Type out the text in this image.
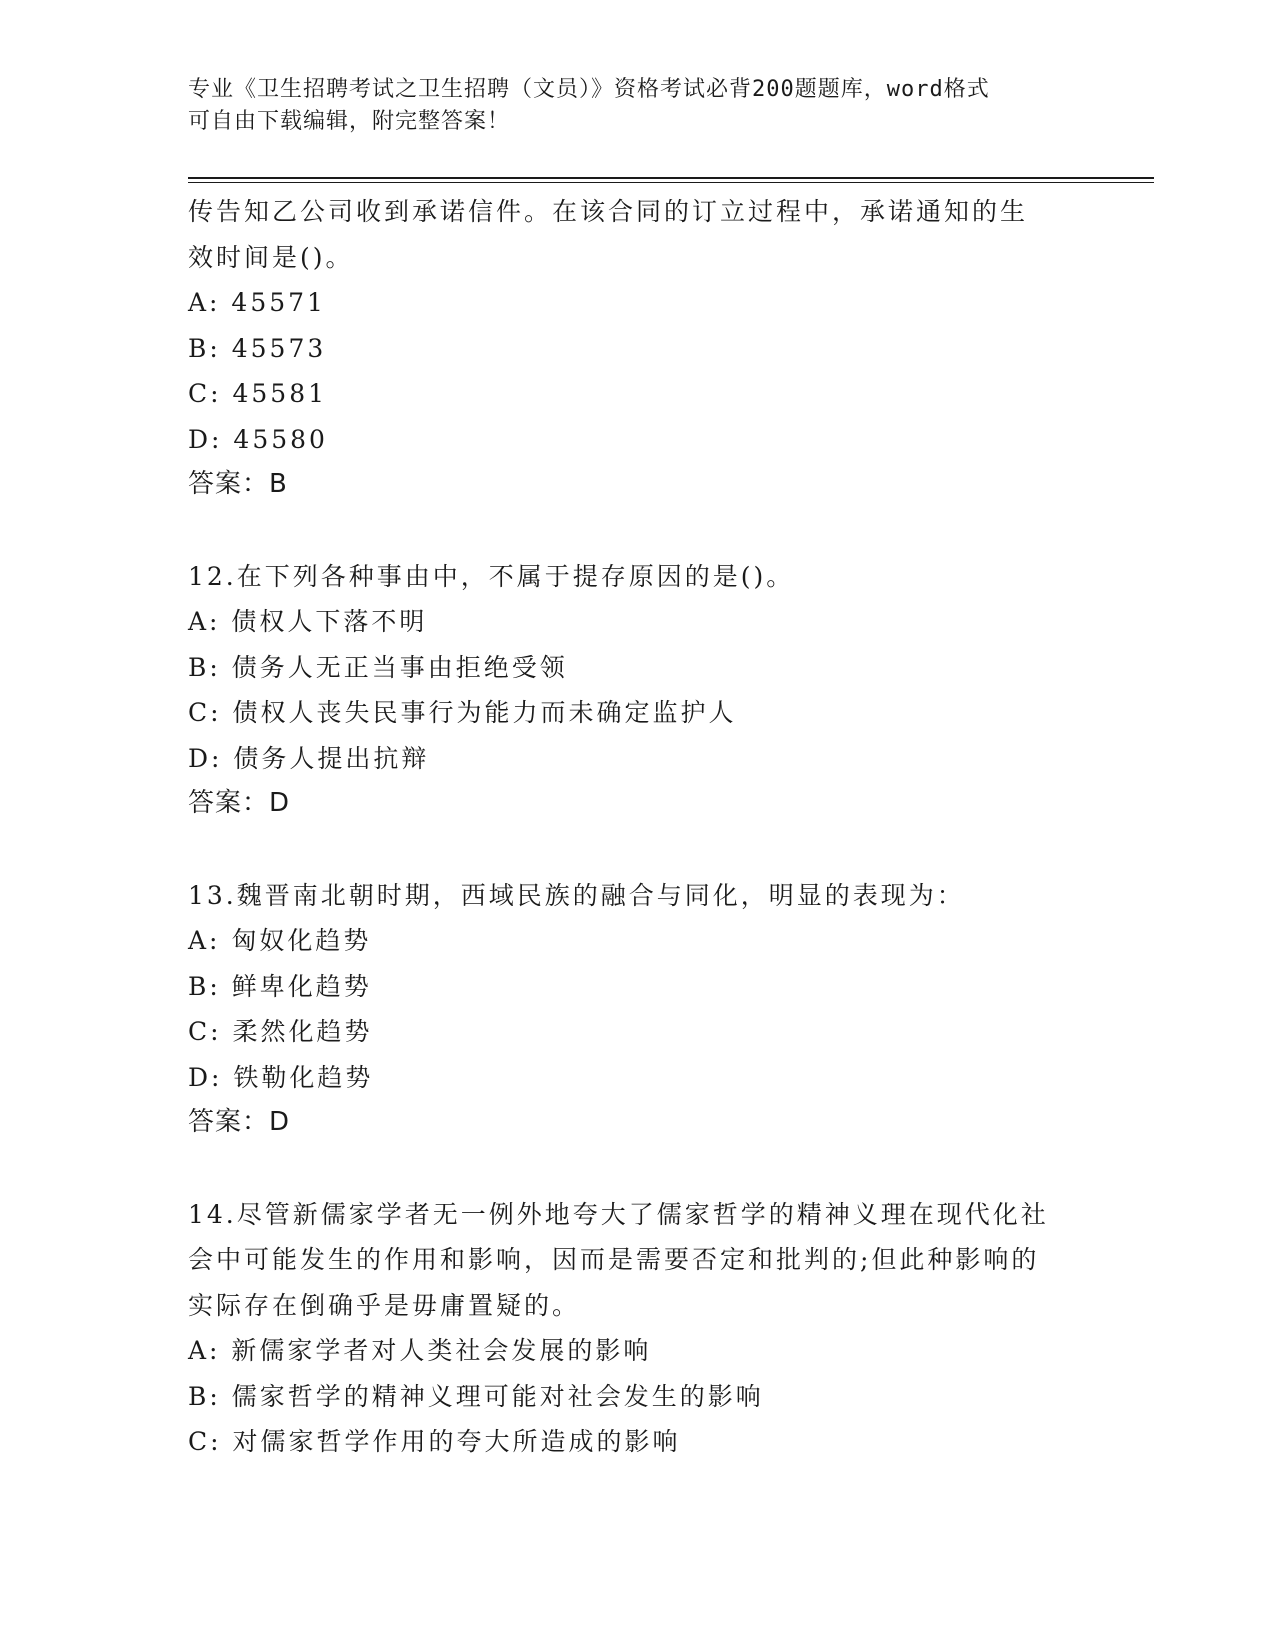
专业《卫生招聘考试之卫生招聘（文员）》资格考试必背200题题库，word格式
可自由下载编辑，附完整答案！
传告知乙公司收到承诺信件。在该合同的订立过程中，承诺通知的生
效时间是()。
A: 45571
B: 45573
C: 45581
D: 45580
答案：B
12.在下列各种事由中，不属于提存原因的是()。
A: 债权人下落不明
B: 债务人无正当事由拒绝受领
C: 债权人丧失民事行为能力而未确定监护人
D: 债务人提出抗辩
答案：D
13.魏晋南北朝时期，西域民族的融合与同化，明显的表现为：
A: 匈奴化趋势
B: 鲜卑化趋势
C: 柔然化趋势
D: 铁勒化趋势
答案：D
14.尽管新儒家学者无一例外地夸大了儒家哲学的精神义理在现代化社
会中可能发生的作用和影响，因而是需要否定和批判的;但此种影响的
实际存在倒确乎是毋庸置疑的。
A: 新儒家学者对人类社会发展的影响
B: 儒家哲学的精神义理可能对社会发生的影响
C: 对儒家哲学作用的夸大所造成的影响
